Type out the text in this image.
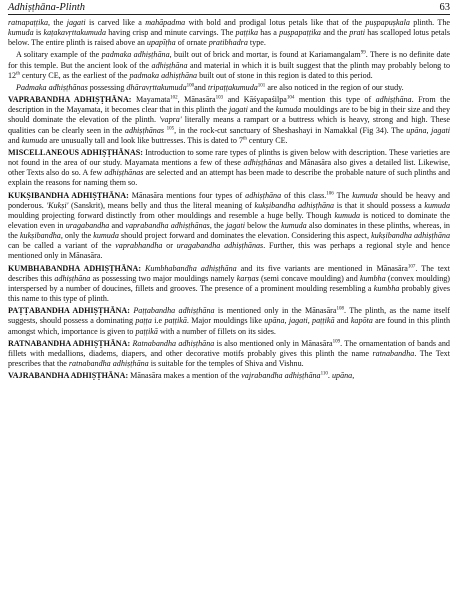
Adhiṣṭhāna-Plinth	63

ratnapaṭṭika, the jagati is carved like a mahāpadma with bold and prodigal lotus petals like that of the puṣpapuṣkala plinth. The kumuda is kaṭakavṛttakumuda having crisp and minute carvings. The paṭṭika has a puṣpapaṭṭika and the prati has scalloped lotus petals below. The entire plinth is raised above an upapīṭha of ornate pratibhadra type.

A solitary example of the padmaka adhiṣṭhāna, built out of brick and mortar, is found at Kariamangalam$^{99}$. There is no definite date for this temple. But the ancient look of the adhiṣṭhāna and material in which it is built suggest that the plinth may probably belong to 12th century CE, as the earliest of the padmaka adhiṣṭhāna built out of stone in this region is dated to this period.

Padmaka adhiṣṭhānas possessing dhāravṛttakumuda$^{100}$and tripaṭṭakumuda$^{101}$ are also noticed in the region of our study.

VAPRABANDHA ADHIṢṬHĀNA: Mayamata$^{102}$, Mānasāra$^{103}$ and Kāśyapaśilpa$^{104}$ mention this type of adhiṣṭhāna. From the description in the Mayamata, it becomes clear that in this plinth the jagati and the kumuda mouldings are to be big in their size and they should dominate the elevation of the plinth. 'vapra' literally means a rampart or a buttress which is heavy, strong and high. These qualities can be clearly seen in the adhiṣṭhānas $^{105}$, in the rock-cut sanctuary of Sheshashayi in Namakkal (Fig 34). The upāna, jagati and kumuda are unusually tall and look like buttresses. This is dated to 7th century CE.

MISCELLANEOUS ADHIṢṬHĀNAS: Introduction to some rare types of plinths is given below with description. These varieties are not found in the area of our study. Mayamata mentions a few of these adhiṣṭhānas and Mānasāra also gives a detailed list. Likewise, other Texts also do so. A few adhiṣṭhānas are selected and an attempt has been made to describe the probable nature of such plinths and explain the reasons for naming them so.

KUKṢIBANDHA ADHIṢṬHĀNA: Mānasāra mentions four types of adhiṣṭhāna of this class.$^{106}$ The kumuda should be heavy and ponderous. 'Kukṣi' (Sanskrit), means belly and thus the literal meaning of kukṣibandha adhiṣṭhāna is that it should possess a kumuda moulding projecting forward distinctly from other mouldings and resemble a huge belly. Though kumuda is noticed to dominate the elevation even in uragabandha and vaprabandha adhiṣṭhānas, the jagati below the kumuda also dominates in these plinths, whereas, in the kukṣibandha, only the kumuda should project forward and dominates the elevation. Considering this aspect, kukṣibandha adhiṣṭhāna can be called a variant of the vaprabhandha or uragabandha adhiṣṭhānas. Further, this was perhaps a regional style and hence mentioned only in Mānasāra.

KUMBHABANDHA ADHIṢṬHĀNA: Kumbhabandha adhiṣṭhāna and its five variants are mentioned in Mānasāra$^{107}$. The text describes this adhiṣṭhāna as possessing two major mouldings namely karṇas (semi concave moulding) and kumbha (convex moulding) interspersed by a number of doucines, fillets and grooves. The presence of a prominent moulding resembling a kumbha probably gives this name to this type of plinth.

PAṬṬABANDHA ADHIṢṬHĀNA: Paṭṭabandha adhiṣṭhāna is mentioned only in the Mānasāra$^{108}$. The plinth, as the name itself suggests, should possess a dominating paṭṭa i.e paṭṭikā. Major mouldings like upāna, jagati, paṭṭikā and kapōta are found in this plinth amongst which, importance is given to paṭṭikā with a number of fillets on its sides.

RATNABANDHA ADHIṢṬHĀNA: Ratnabandha adhiṣṭhāna is also mentioned only in Mānasāra$^{109}$. The ornamentation of bands and fillets with medallions, diadems, diapers, and other decorative motifs probably gives this plinth the name ratnabandha. The Text prescribes that the ratnabandha adhiṣṭhāna is suitable for the temples of Shiva and Vishnu.

VAJRABANDHA ADHIṢṬHĀNA: Mānasāra makes a mention of the vajrabandha adhiṣṭhāna$^{110}$. upāna,
